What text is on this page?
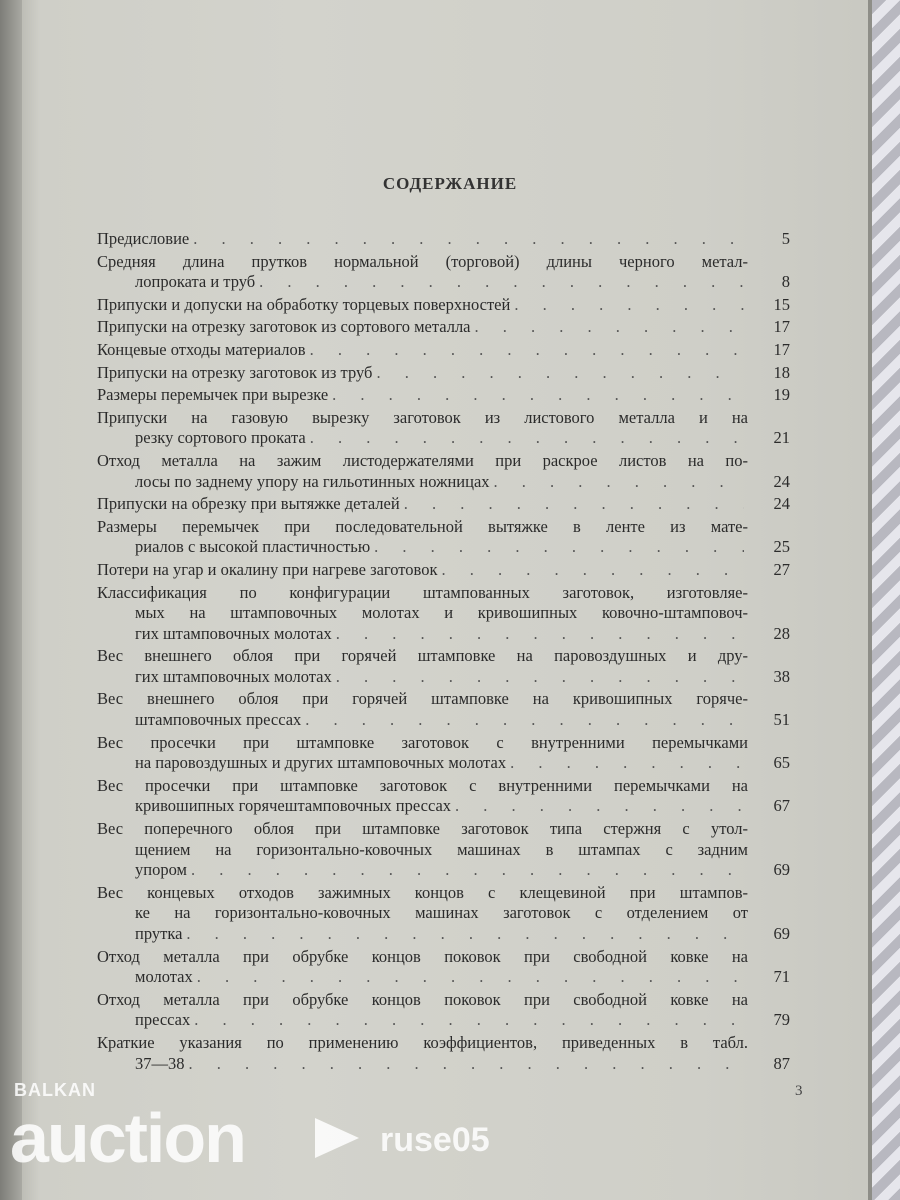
СОДЕРЖАНИЕ
Предисловие . . .	5
Средняя длина прутков нормальной (торговой) длины черного метал-
лопроката и труб . . .	8
Припуски и допуски на обработку торцевых поверхностей . . .	15
Припуски на отрезку заготовок из сортового металла . . .	17
Концевые отходы материалов . . .	17
Припуски на отрезку заготовок из труб . . .	18
Размеры перемычек при вырезке . . .	19
Припуски на газовую вырезку заготовок из листового металла и на
резку сортового проката . . .	21
Отход металла на зажим листодержателями при раскрое листов на по-
лосы по заднему упору на гильотинных ножницах . . .	24
Припуски на обрезку при вытяжке деталей . . .	24
Размеры перемычек при последовательной вытяжке в ленте из мате-
риалов с высокой пластичностью . . .	25
Потери на угар и окалину при нагреве заготовок . . .	27
Классификация по конфигурации штампованных заготовок, изготовляе-
мых на штамповочных молотах и кривошипных ковочно-штамповоч-
гих штамповочных молотах . . .	28
Вес внешнего облоя при горячей штамповке на паровоздушных и дру-
гих штамповочных молотах . . .	38
Вес внешнего облоя при горячей штамповке на кривошипных горяче-
штамповочных прессах . . .	51
Вес просечки при штамповке заготовок с внутренними перемычками
на паровоздушных и других штамповочных молотах . . .	65
Вес просечки при штамповке заготовок с внутренними перемычками на
кривошипных горячештамповочных прессах . . .	67
Вес поперечного облоя при штамповке заготовок типа стержня с утол-
щением на горизонтально-ковочных машинах в штампах с задним
упором . . .	69
Вес концевых отходов зажимных концов с клещевиной при штампов-
ке на горизонтально-ковочных машинах заготовок с отделением от
прутка . . .	69
Отход металла при обрубке концов поковок при свободной ковке на
молотах . . .	71
Отход металла при обрубке концов поковок при свободной ковке на
прессах . . .	79
Краткие указания по применению коэффициентов, приведенных в табл.
37—38 . . .	87
3
BALKAN
auction	ruse05
